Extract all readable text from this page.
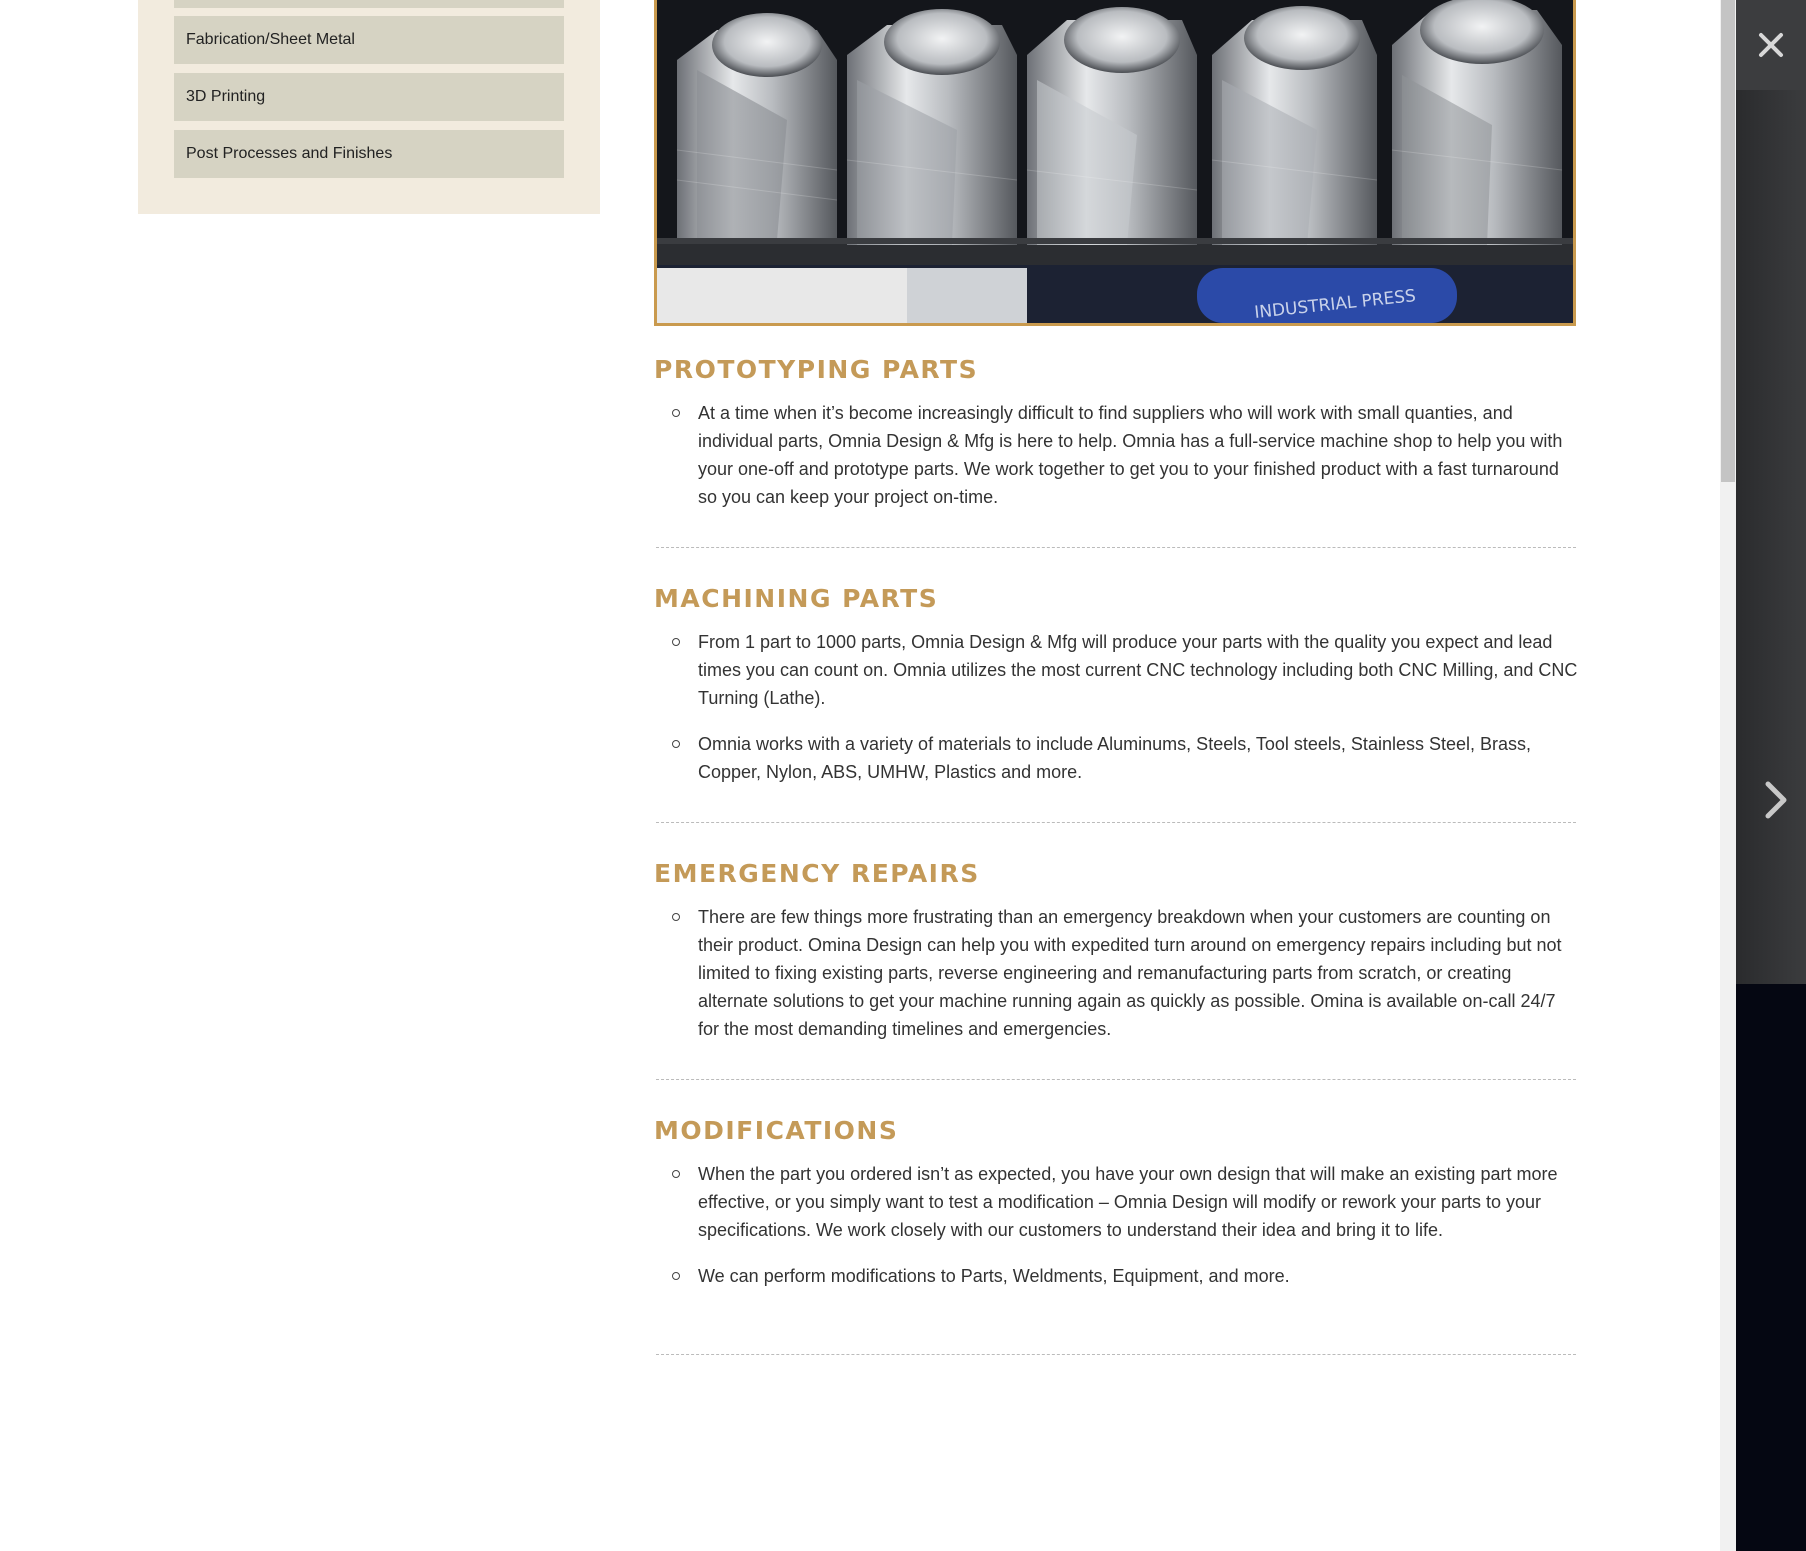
Fabrication/Sheet Metal
3D Printing
Post Processes and Finishes
INDUSTRIAL PRESS
PROTOTYPING PARTS
At a time when it’s become increasingly difficult to find suppliers who will work with small quanties, and individual parts, Omnia Design & Mfg is here to help. Omnia has a full-service machine shop to help you with your one-off and prototype parts. We work together to get you to your finished product with a fast turnaround so you can keep your project on-time.
MACHINING PARTS
From 1 part to 1000 parts, Omnia Design & Mfg will produce your parts with the quality you expect and lead times you can count on. Omnia utilizes the most current CNC technology including both CNC Milling, and CNC Turning (Lathe).
Omnia works with a variety of materials to include Aluminums, Steels, Tool steels, Stainless Steel, Brass, Copper, Nylon, ABS, UMHW, Plastics and more.
EMERGENCY REPAIRS
There are few things more frustrating than an emergency breakdown when your customers are counting on their product. Omina Design can help you with expedited turn around on emergency repairs including but not limited to fixing existing parts, reverse engineering and remanufacturing parts from scratch, or creating alternate solutions to get your machine running again as quickly as possible. Omina is available on-call 24/7 for the most demanding timelines and emergencies.
MODIFICATIONS
When the part you ordered isn’t as expected, you have your own design that will make an existing part more effective, or you simply want to test a modification – Omnia Design will modify or rework your parts to your specifications. We work closely with our customers to understand their idea and bring it to life.
We can perform modifications to Parts, Weldments, Equipment, and more.
